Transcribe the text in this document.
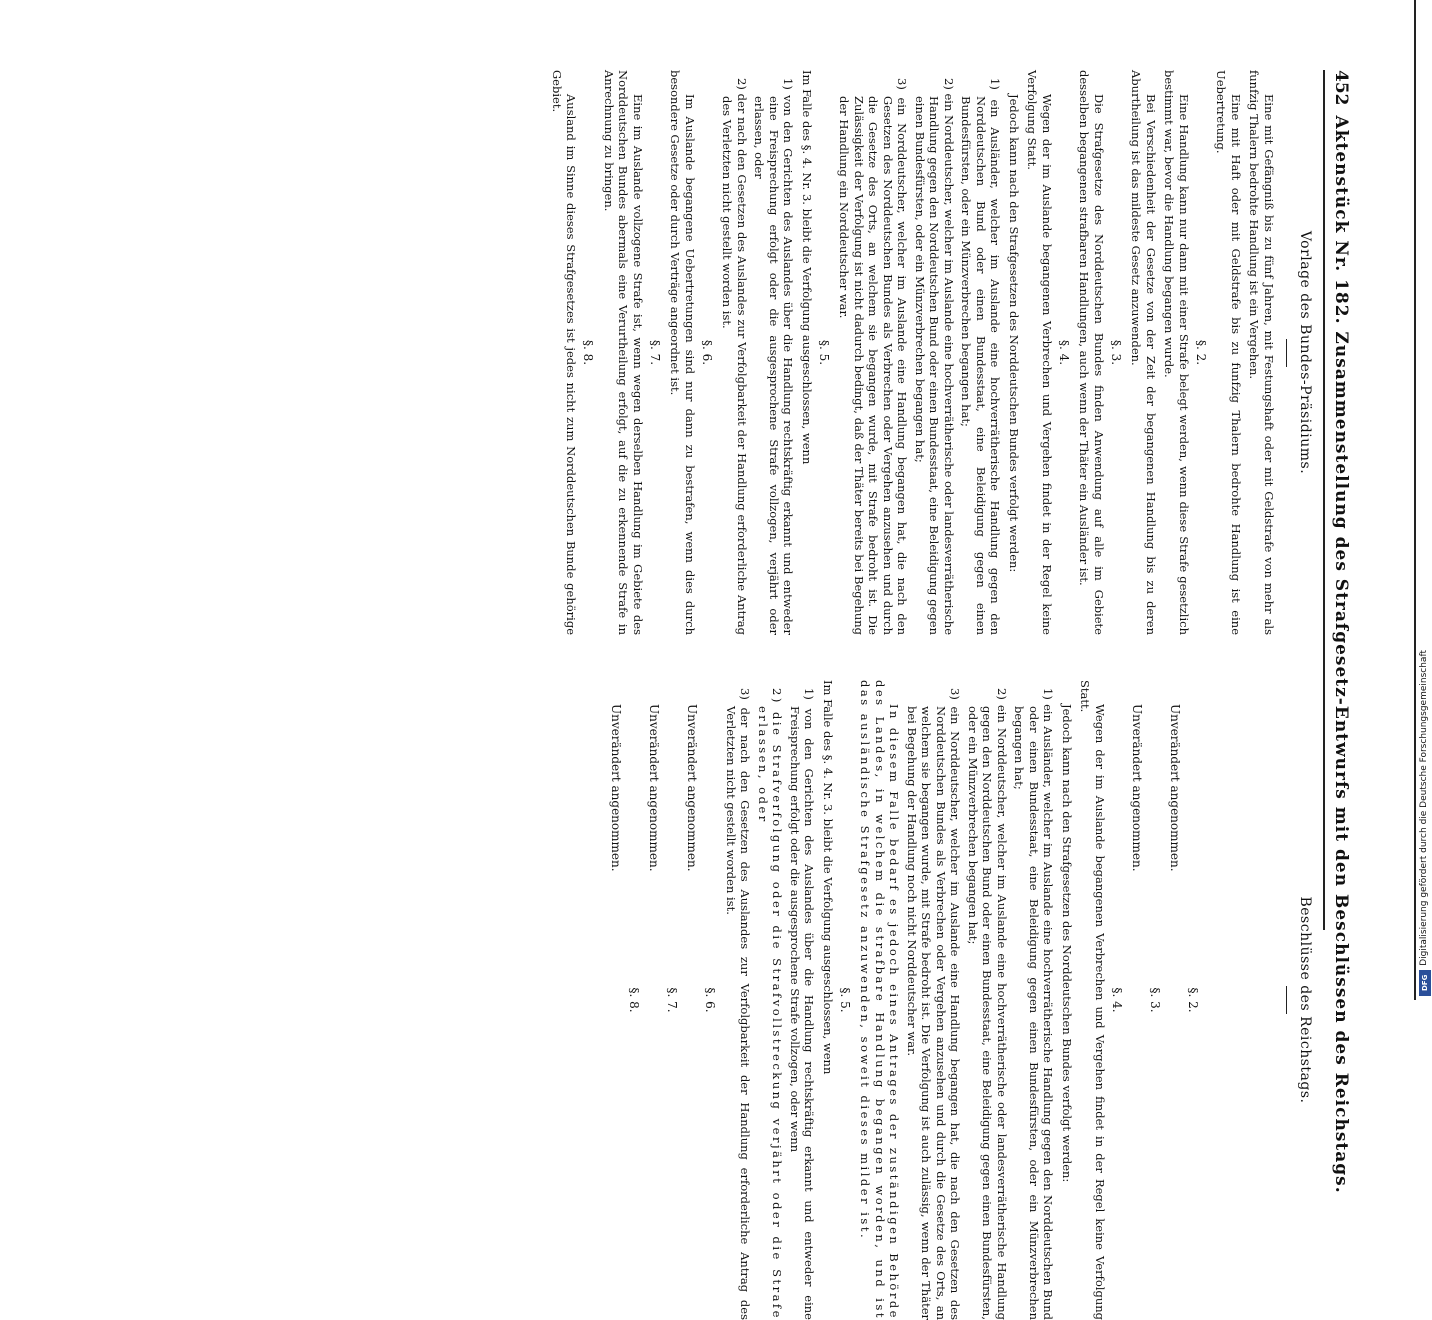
452
Aktenstück Nr. 182. Zusammenstellung des Strafgesetz-Entwurfs mit den Beschlüssen des Reichstags.
Vorlage des Bundes-Präsidiums.

Eine mit Gefängniß bis zu fünf Jahren, mit Festungshaft oder mit Geldstrafe von mehr als funfzig Thalern bedrohte Handlung ist ein Vergehen.

Eine mit Haft oder mit Geldstrafe bis zu funfzig Thalern bedrohte Handlung ist eine Uebertretung.

§. 2.

Eine Handlung kann nur dann mit einer Strafe belegt werden, wenn diese Strafe gesetzlich bestimmt war, bevor die Handlung begangen wurde.

Bei Verschiedenheit der Gesetze von der Zeit der begangenen Handlung bis zu deren Aburtheilung ist das mildeste Gesetz anzuwenden.

§. 3.

Die Strafgesetze des Norddeutschen Bundes finden Anwendung auf alle im Gebiete desselben begangenen strafbaren Handlungen, auch wenn der Thäter ein Ausländer ist.

§. 4.

Wegen der im Auslande begangenen Verbrechen und Vergehen findet in der Regel keine Verfolgung Statt.

Jedoch kann nach den Strafgesetzen des Norddeutschen Bundes verfolgt werden:

1) ein Ausländer, welcher im Auslande eine hochverrätherische Handlung gegen den Norddeutschen Bund oder einen Bundesstaat, eine Beleidigung gegen einen Bundesfürsten, oder ein Münzverbrechen begangen hat;

2) ein Norddeutscher, welcher im Auslande eine hochverrätherische oder landesverrätherische Handlung gegen den Norddeutschen Bund oder einen Bundesstaat, eine Beleidigung gegen einen Bundesfürsten, oder ein Münzverbrechen begangen hat;

3) ein Norddeutscher, welcher im Auslande eine Handlung begangen hat, die nach den Gesetzen des Norddeutschen Bundes als Verbrechen oder Vergehen anzusehen und durch die Gesetze des Orts, an welchem sie begangen wurde, mit Strafe bedroht ist. Die Zulässigkeit der Verfolgung ist nicht dadurch bedingt, daß der Thäter bereits bei Begehung der Handlung ein Norddeutscher war.

§. 5.

Im Falle des §. 4. Nr. 3. bleibt die Verfolgung ausgeschlossen, wenn

1) von den Gerichten des Auslandes über die Handlung rechtskräftig erkannt und entweder eine Freisprechung erfolgt oder die ausgesprochene Strafe vollzogen, verjährt oder erlassen, oder

2) der nach den Gesetzen des Auslandes zur Verfolgbarkeit der Handlung erforderliche Antrag des Verletzten nicht gestellt worden ist.

§. 6.

Im Auslande begangene Uebertretungen sind nur dann zu bestrafen, wenn dies durch besondere Gesetze oder durch Verträge angeordnet ist.

§. 7.

Eine im Auslande vollzogene Strafe ist, wenn wegen derselben Handlung im Gebiete des Norddeutschen Bundes abermals eine Verurtheilung erfolgt, auf die zu erkennende Strafe in Anrechnung zu bringen.

§. 8.

Ausland im Sinne dieses Strafgesetzes ist jedes nicht zum Norddeutschen Bunde gehörige Gebiet.

Beschlüsse des Reichstags.
§. 2.

Unverändert angenommen.

§. 3.

Unverändert angenommen.

§. 4.

Wegen der im Auslande begangenen Verbrechen und Vergehen findet in der Regel keine Verfolgung Statt.

Jedoch kann nach den Strafgesetzen des Norddeutschen Bundes verfolgt werden:

1) ein Ausländer, welcher im Auslande eine hochverrätherische Handlung gegen den Norddeutschen Bund oder einen Bundesstaat, eine Beleidigung gegen einen Bundesfürsten, oder ein Münzverbrechen begangen hat;

2) ein Norddeutscher, welcher im Auslande eine hochverrätherische oder landesverrätherische Handlung gegen den Norddeutschen Bund oder einen Bundesstaat, eine Beleidigung gegen einen Bundesfürsten, oder ein Münzverbrechen begangen hat;

3) ein Norddeutscher, welcher im Auslande eine Handlung begangen hat, die nach den Gesetzen des Norddeutschen Bundes als Verbrechen oder Vergehen anzusehen und durch die Gesetze des Orts, an welchem sie begangen wurde, mit Strafe bedroht ist. Die Verfolgung ist auch zulässig, wenn der Thäter bei Begehung der Handlung noch nicht Norddeutscher war.

In diesem Falle bedarf es jedoch eines Antrages der zuständigen Behörde des Landes, in welchem die strafbare Handlung begangen worden, und ist das ausländische Strafgesetz anzuwenden, soweit dieses milder ist.

§. 5.

Im Falle des §. 4. Nr. 3. bleibt die Verfolgung ausgeschlossen, wenn

1) von den Gerichten des Auslandes über die Handlung rechtskräftig erkannt und entweder eine Freisprechung erfolgt oder die ausgesprochene Strafe vollzogen, oder wenn

2) die Strafverfolgung oder die Strafvollstreckung verjährt oder die Strafe erlassen, oder

3) der nach den Gesetzen des Auslandes zur Verfolgbarkeit der Handlung erforderliche Antrag des Verletzten nicht gestellt worden ist.

§. 6.

Unverändert angenommen.

§. 7.

Unverändert angenommen.

§. 8.

Unverändert angenommen.	Digitalisierung gefördert durch die Deutsche Forschungsgemeinschaft
DFG
